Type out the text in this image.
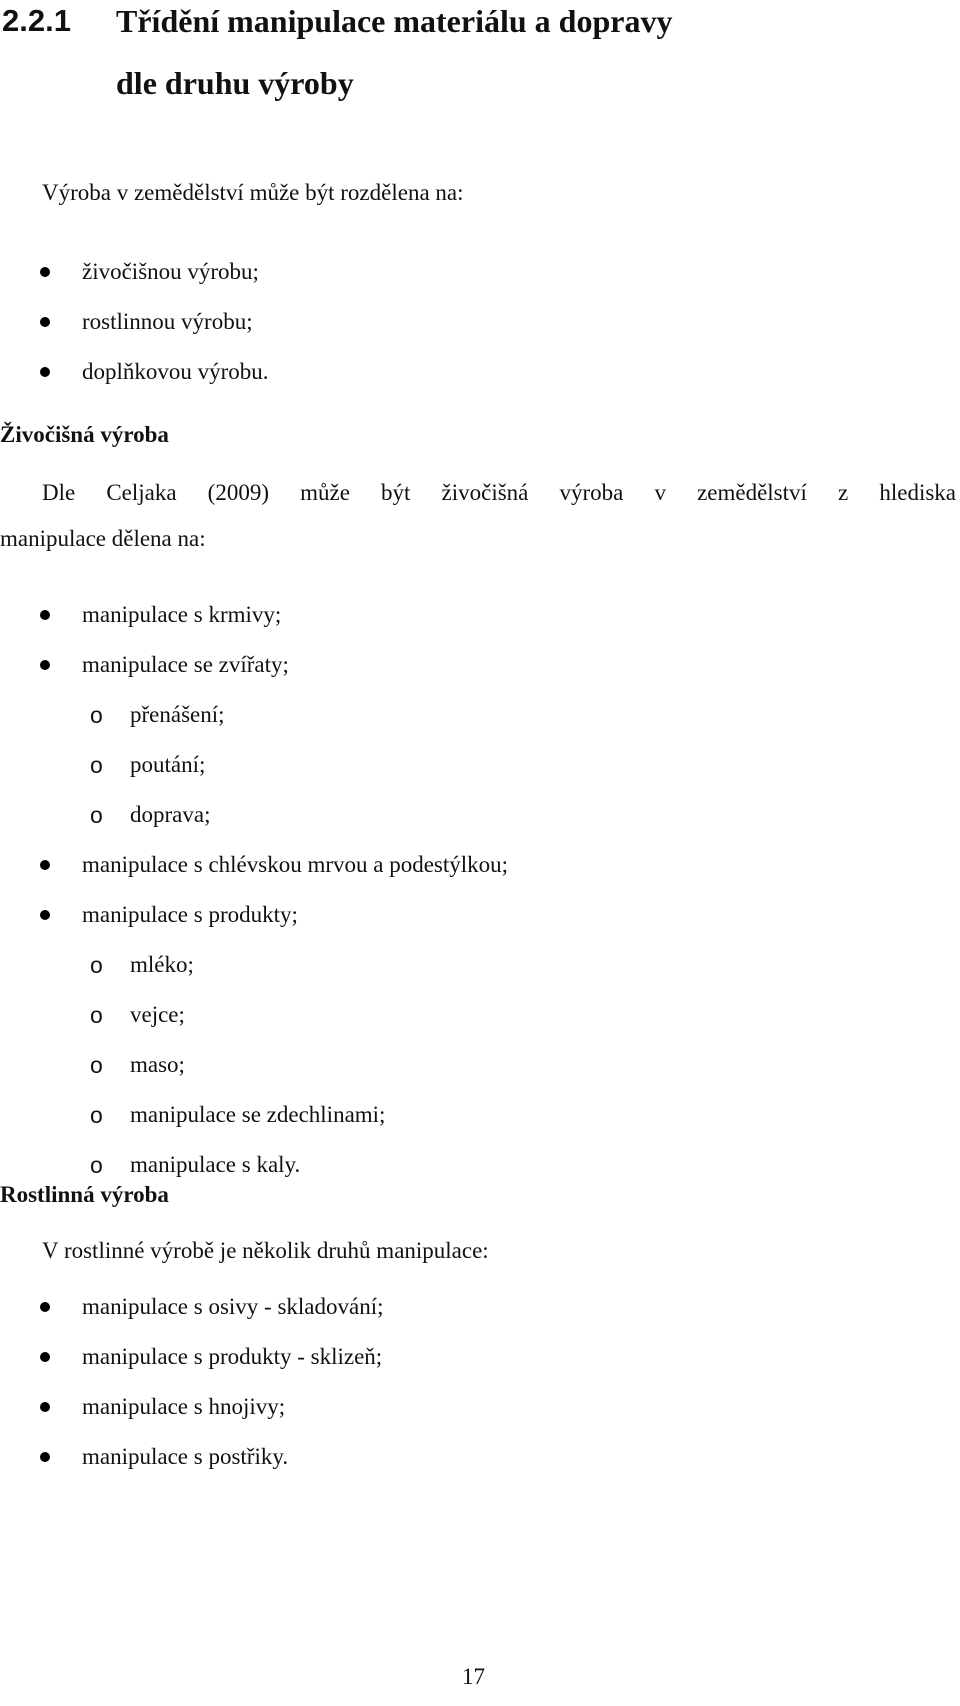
2.2.1 Třídění manipulace materiálu a dopravy
dle druhu výroby
Výroba v zemědělství může být rozdělena na:
živočišnou výrobu;
rostlinnou výrobu;
doplňkovou výrobu.
Živočišná výroba
Dle Celjaka (2009) může být živočišná výroba v zemědělství z hlediska
manipulace dělena na:
manipulace s krmivy;
manipulace se zvířaty;
o přenášení;
o poutání;
o doprava;
manipulace s chlévskou mrvou a podestýlkou;
manipulace s produkty;
o mléko;
o vejce;
o maso;
o manipulace se zdechlinami;
o manipulace s kaly.
Rostlinná výroba
V rostlinné výrobě je několik druhů manipulace:
manipulace s osivy - skladování;
manipulace s produkty - sklizeň;
manipulace s hnojivy;
manipulace s postřiky.
17
